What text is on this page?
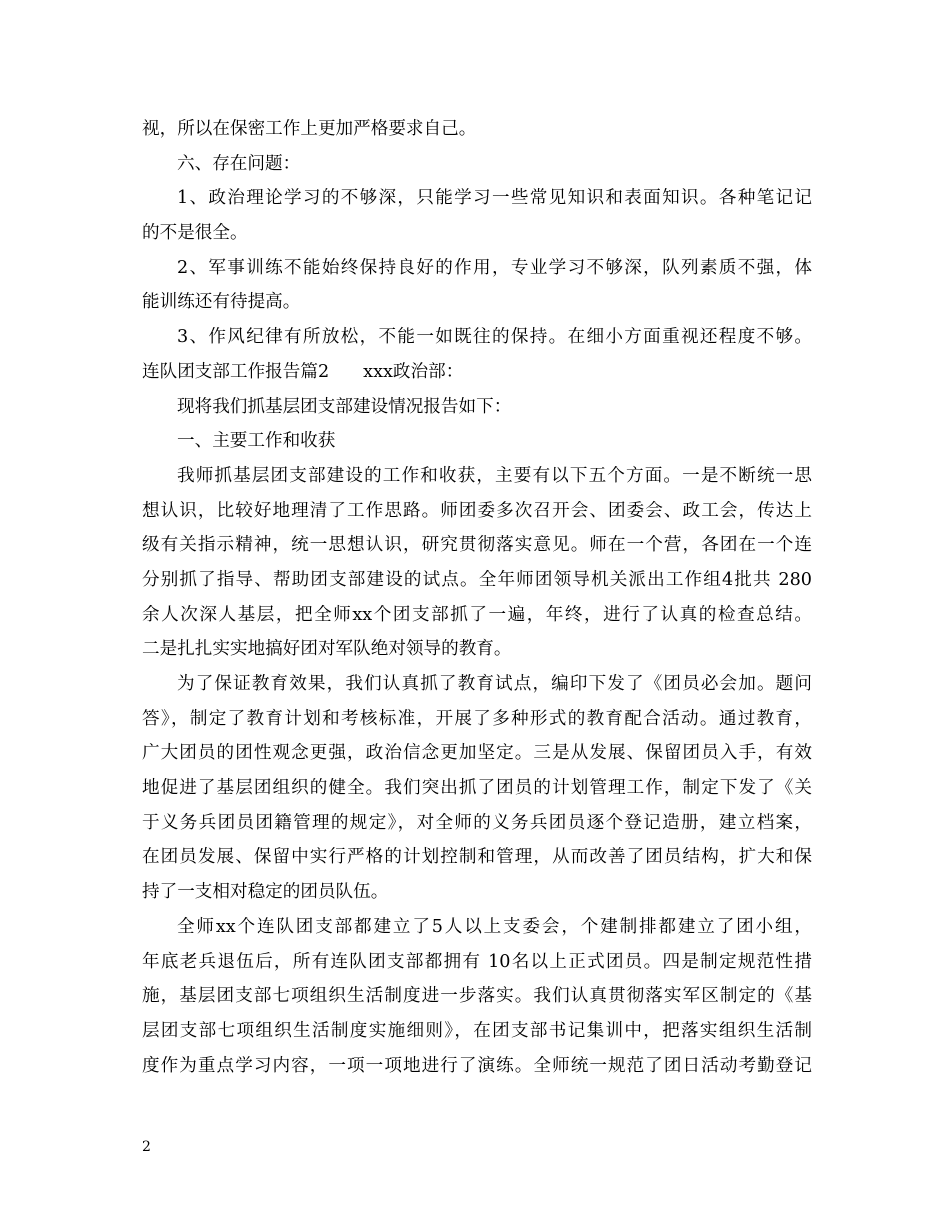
视，所以在保密工作上更加严格要求自己。
六、存在问题：
1、政治理论学习的不够深，只能学习一些常见知识和表面知识。各种笔记记
的不是很全。
2、军事训练不能始终保持良好的作用，专业学习不够深，队列素质不强，体
能训练还有待提高。
3、作风纪律有所放松，不能一如既往的保持。在细小方面重视还程度不够。
连队团支部工作报告篇2 xxx政治部：
现将我们抓基层团支部建设情况报告如下：
一、主要工作和收获
我师抓基层团支部建设的工作和收获，主要有以下五个方面。一是不断统一思
想认识，比较好地理清了工作思路。师团委多次召开会、团委会、政工会，传达上
级有关指示精神，统一思想认识，研究贯彻落实意见。师在一个营，各团在一个连
分别抓了指导、帮助团支部建设的试点。全年师团领导机关派出工作组4批共 280
余人次深人基层，把全师xx个团支部抓了一遍，年终，进行了认真的检查总结。
二是扎扎实实地搞好团对军队绝对领导的教育。
为了保证教育效果，我们认真抓了教育试点，编印下发了《团员必会加。题问
答》，制定了教育计划和考核标准，开展了多种形式的教育配合活动。通过教育，
广大团员的团性观念更强，政治信念更加坚定。三是从发展、保留团员入手，有效
地促进了基层团组织的健全。我们突出抓了团员的计划管理工作，制定下发了《关
于义务兵团员团籍管理的规定》，对全师的义务兵团员逐个登记造册，建立档案，
在团员发展、保留中实行严格的计划控制和管理，从而改善了团员结构，扩大和保
持了一支相对稳定的团员队伍。
全师xx个连队团支部都建立了5人以上支委会，个建制排都建立了团小组，
年底老兵退伍后，所有连队团支部都拥有 10名以上正式团员。四是制定规范性措
施，基层团支部七项组织生活制度进一步落实。我们认真贯彻落实军区制定的《基
层团支部七项组织生活制度实施细则》，在团支部书记集训中，把落实组织生活制
度作为重点学习内容，一项一项地进行了演练。全师统一规范了团日活动考勤登记
2
